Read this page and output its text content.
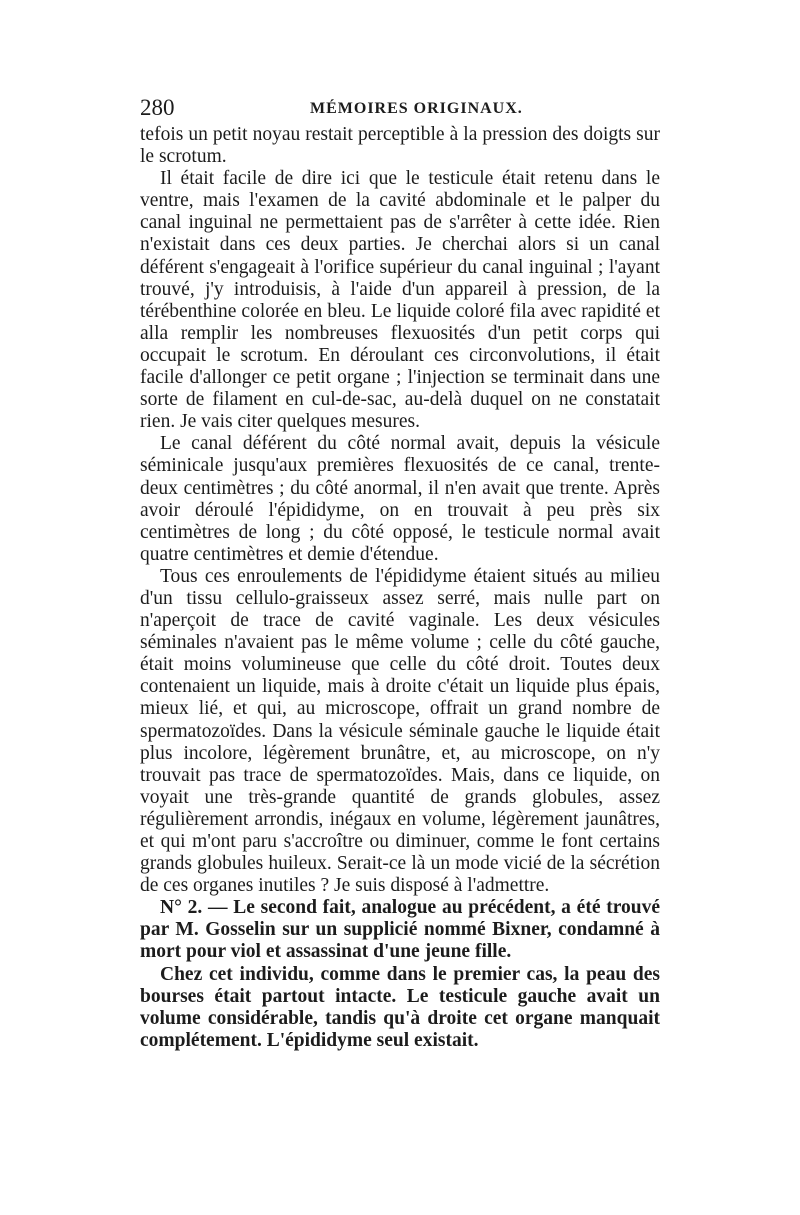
280	MÉMOIRES ORIGINAUX.

tefois un petit noyau restait perceptible à la pression des doigts sur le scrotum.

Il était facile de dire ici que le testicule était retenu dans le ventre, mais l'examen de la cavité abdominale et le palper du canal inguinal ne permettaient pas de s'arrêter à cette idée. Rien n'existait dans ces deux parties. Je cherchai alors si un canal déférent s'engageait à l'orifice supérieur du canal inguinal ; l'ayant trouvé, j'y introduisis, à l'aide d'un appareil à pression, de la térébenthine colorée en bleu. Le liquide coloré fila avec rapidité et alla remplir les nombreuses flexuosités d'un petit corps qui occupait le scrotum. En déroulant ces circonvolutions, il était facile d'allonger ce petit organe ; l'injection se terminait dans une sorte de filament en cul-de-sac, au-delà duquel on ne constatait rien. Je vais citer quelques mesures.

Le canal déférent du côté normal avait, depuis la vésicule séminicale jusqu'aux premières flexuosités de ce canal, trente-deux centimètres ; du côté anormal, il n'en avait que trente. Après avoir déroulé l'épididyme, on en trouvait à peu près six centimètres de long ; du côté opposé, le testicule normal avait quatre centimètres et demie d'étendue.

Tous ces enroulements de l'épididyme étaient situés au milieu d'un tissu cellulo-graisseux assez serré, mais nulle part on n'aperçoit de trace de cavité vaginale. Les deux vésicules séminales n'avaient pas le même volume ; celle du côté gauche, était moins volumineuse que celle du côté droit. Toutes deux contenaient un liquide, mais à droite c'était un liquide plus épais, mieux lié, et qui, au microscope, offrait un grand nombre de spermatozoïdes. Dans la vésicule séminale gauche le liquide était plus incolore, légèrement brunâtre, et, au microscope, on n'y trouvait pas trace de spermatozoïdes. Mais, dans ce liquide, on voyait une très-grande quantité de grands globules, assez régulièrement arrondis, inégaux en volume, légèrement jaunâtres, et qui m'ont paru s'accroître ou diminuer, comme le font certains grands globules huileux. Serait-ce là un mode vicié de la sécrétion de ces organes inutiles ? Je suis disposé à l'admettre.

N° 2. — Le second fait, analogue au précédent, a été trouvé par M. Gosselin sur un supplicié nommé Bixner, condamné à mort pour viol et assassinat d'une jeune fille.

Chez cet individu, comme dans le premier cas, la peau des bourses était partout intacte. Le testicule gauche avait un volume considérable, tandis qu'à droite cet organe manquait complétement. L'épididyme seul existait.
